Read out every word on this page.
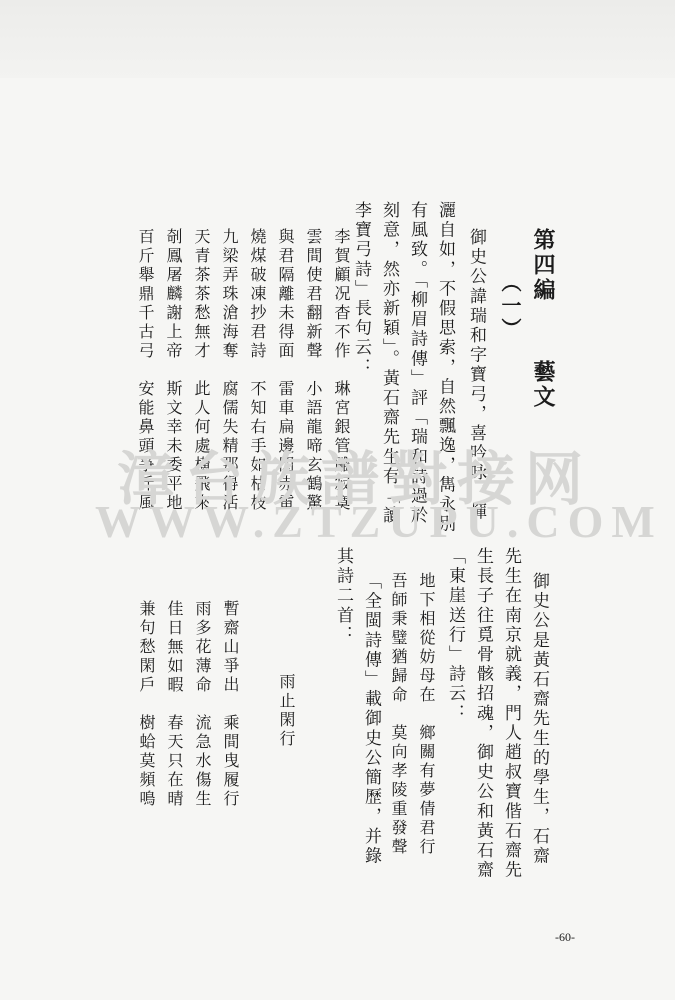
第四編
藝文
（一）
御史公諱瑞和字寶弓，喜吟咏，揮
灑自如，不假思索，自然飄逸，雋永別
有風致。「柳眉詩傳」評「瑞和詩過於
刻意，然亦新穎」。黃石齋先生有「讀
李寶弓詩」長句云：
李賀顧况杳不作　琳宮銀管雕寂寞
雲間使君翻新聲　小語龍啼玄鶴驚
與君隔離未得面　雷車扁邊閃赤電
燒煤破凍抄君詩　不知右手如枯枝
九梁弄珠滄海奪　腐儒失精那得活
天青茶茶愁無才　此人何處橫飛來
剞鳳屠麟謝上帝　斯文幸未委平地
百斤舉鼎千古弓　安能鼻頭爭斤風
漳台族譜對接网
WWW.ZTZUPU.COM
御史公是黃石齋先生的學生，石齋
先生在南京就義，門人趙叔寶偕石齋先
生長子往覓骨骸招魂，御史公和黃石齋
「東崖送行」詩云：
地下相從妨母在　鄉關有夢倩君行
吾師秉璧猶歸命　莫向孝陵重發聲
「全閩詩傳」載御史公簡歷，并錄
其詩二首：
雨止閑行
暫齋山爭出　乘間曳履行
雨多花薄命　流急水傷生
佳日無如暇　春天只在晴
兼句愁閑戶　樹蛤莫頻鳴
-60-
